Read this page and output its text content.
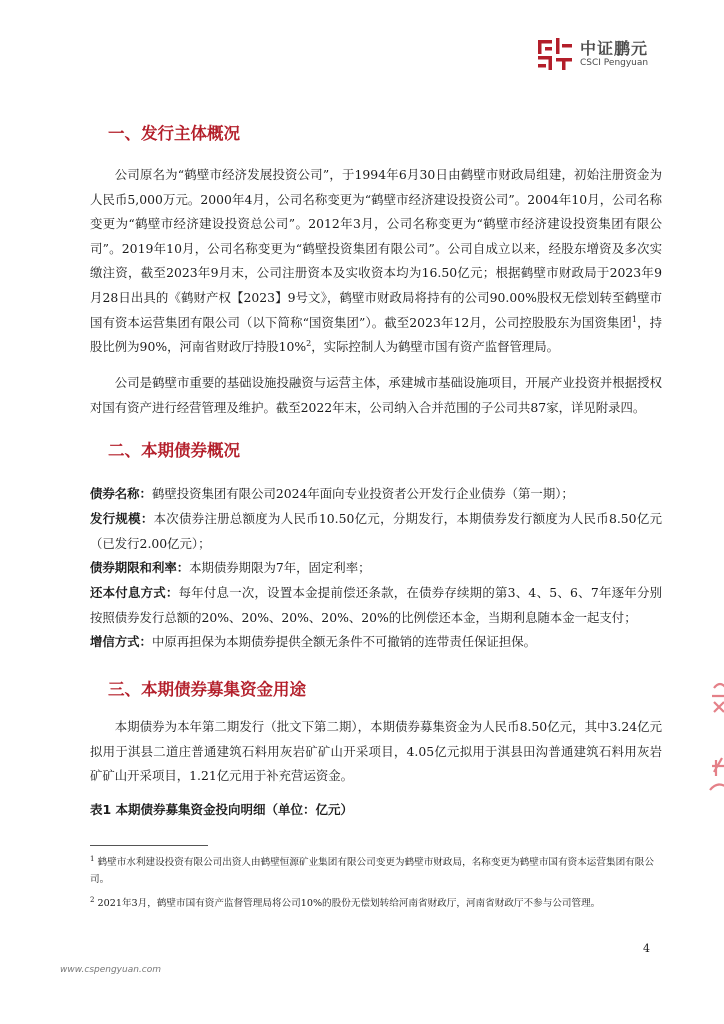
中证鹏元
CSCI Pengyuan
一、发行主体概况

公司原名为“鹤壁市经济发展投资公司”，于1994年6月30日由鹤壁市财政局组建，初始注册资金为人民币5,000万元。2000年4月，公司名称变更为“鹤壁市经济建设投资公司”。2004年10月，公司名称变更为“鹤壁市经济建设投资总公司”。2012年3月，公司名称变更为“鹤壁市经济建设投资集团有限公司”。2019年10月，公司名称变更为“鹤壁投资集团有限公司”。公司自成立以来，经股东增资及多次实缴注资，截至2023年9月末，公司注册资本及实收资本均为16.50亿元；根据鹤壁市财政局于2023年9月28日出具的《鹤财产权【2023】9号文》，鹤壁市财政局将持有的公司90.00%股权无偿划转至鹤壁市国有资本运营集团有限公司（以下简称“国资集团”）。截至2023年12月，公司控股股东为国资集团$^1$，持股比例为90%，河南省财政厅持股10%$^2$，实际控制人为鹤壁市国有资产监督管理局。

公司是鹤壁市重要的基础设施投融资与运营主体，承建城市基础设施项目，开展产业投资并根据授权对国有资产进行经营管理及维护。截至2022年末，公司纳入合并范围的子公司共87家，详见附录四。

二、本期债券概况

债券名称：鹤壁投资集团有限公司2024年面向专业投资者公开发行企业债券（第一期）；

发行规模：本次债券注册总额度为人民币10.50亿元，分期发行，本期债券发行额度为人民币8.50亿元（已发行2.00亿元）；

债券期限和利率：本期债券期限为7年，固定利率；

还本付息方式：每年付息一次，设置本金提前偿还条款，在债券存续期的第3、4、5、6、7年逐年分别按照债券发行总额的20%、20%、20%、20%、20%的比例偿还本金，当期利息随本金一起支付；

增信方式：中原再担保为本期债券提供全额无条件不可撤销的连带责任保证担保。

三、本期债券募集资金用途

本期债券为本年第二期发行（批文下第二期），本期债券募集资金为人民币8.50亿元，其中3.24亿元拟用于淇县二道庄普通建筑石料用灰岩矿矿山开采项目，4.05亿元拟用于淇县田沟普通建筑石料用灰岩矿矿山开采项目，1.21亿元用于补充营运资金。

表1 本期债券募集资金投向明细（单位：亿元）

$^1$ 鹤壁市水利建设投资有限公司出资人由鹤壁恒源矿业集团有限公司变更为鹤壁市财政局，名称变更为鹤壁市国有资本运营集团有限公司。

$^2$ 2021年3月，鹤壁市国有资产监督管理局将公司10%的股份无偿划转给河南省财政厅，河南省财政厅不参与公司管理。

4
www.cspengyuan.com
